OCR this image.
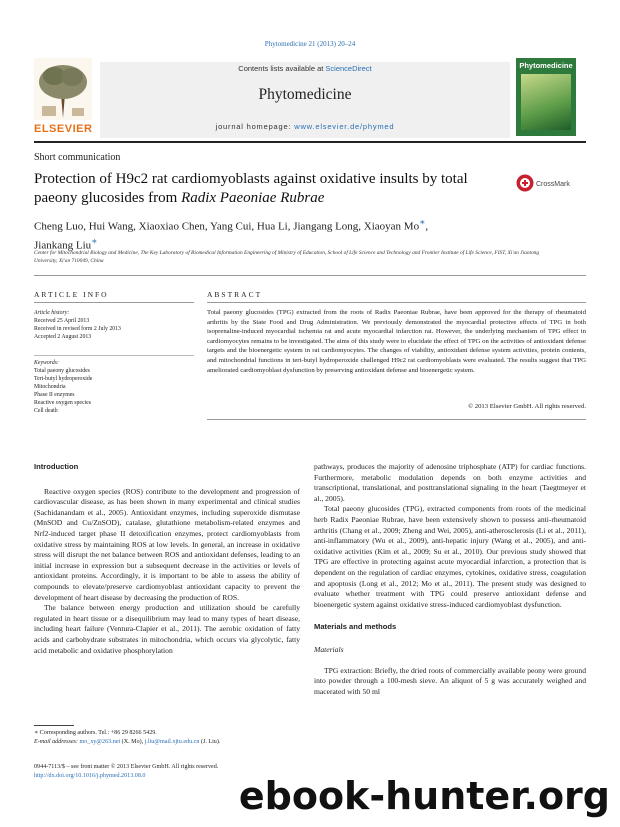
Phytomedicine 21 (2013) 20–24
ELSEVIER
Contents lists available at ScienceDirect
Phytomedicine
journal homepage: www.elsevier.de/phymed
Phytomedicine
Short communication
Protection of H9c2 rat cardiomyoblasts against oxidative insults by total paeony glucosides from Radix Paeoniae Rubrae
CrossMark
Cheng Luo, Hui Wang, Xiaoxiao Chen, Yang Cui, Hua Li, Jiangang Long, Xiaoyan Mo∗,
Jiankang Liu∗
Center for Mitochondrial Biology and Medicine, The Key Laboratory of Biomedical Information Engineering of Ministry of Education, School of Life Science and Technology and Frontier Institute of Life Science, FIST, Xi'an Jiaotong University, Xi'an 710049, China
ARTICLE INFO	ABSTRACT
Article history:
Received 25 April 2013
Received in revised form 2 July 2013
Accepted 2 August 2013
Keywords:
Total paeony glucosides
Tert-butyl hydroperoxide
Mitochondria
Phase II enzymes
Reactive oxygen species
Cell death
Total paeony glucosides (TPG) extracted from the roots of Radix Paeoniae Rubrae, have been approved for the therapy of rheumatoid arthritis by the State Food and Drug Administration. We previously demonstrated the myocardial protective effects of TPG in both isoprenaline-induced myocardial ischemia rat and acute myocardial infarction rat. However, the underlying mechanism of TPG effect in cardiomyocytes remains to be investigated. The aims of this study were to elucidate the effect of TPG on the activities of antioxidant defense targets and the bioenergetic system in rat cardiomyocytes. The changes of viability, antioxidant defense system activities, protein contents, and mitochondrial functions in tert-butyl hydroperoxide challenged H9c2 rat cardiomyoblasts were evaluated. The results suggest that TPG ameliorated cardiomyoblast dysfunction by preserving antioxidant defense and bioenergetic system.
© 2013 Elsevier GmbH. All rights reserved.

Introduction

Reactive oxygen species (ROS) contribute to the development and progression of cardiovascular disease, as has been shown in many experimental and clinical studies (Sachidanandam et al., 2005). Antioxidant enzymes, including superoxide dismutase (MnSOD and Cu/ZnSOD), catalase, glutathione metabolism-related enzymes and Nrf2-induced target phase II detoxification enzymes, protect cardiomyoblasts from oxidative stress by maintaining ROS at low levels. In general, an increase in oxidative stress will disrupt the net balance between ROS and antioxidant defenses, leading to an initial increase in expression but a subsequent decrease in the activities or levels of antioxidant proteins. Accordingly, it is important to be able to assess the ability of compounds to elevate/preserve cardiomyoblast antioxidant capacity to prevent the development of heart disease by decreasing the production of ROS.

The balance between energy production and utilization should be carefully regulated in heart tissue or a disequilibrium may lead to many types of heart disease, including heart failure (Ventura-Clapier et al., 2011). The aerobic oxidation of fatty acids and carbohydrate substrates in mitochondria, which occurs via glycolytic, fatty acid metabolic and oxidative phosphorylation

pathways, produces the majority of adenosine triphosphate (ATP) for cardiac functions. Furthermore, metabolic modulation depends on both enzyme activities and transcriptional, translational, and posttranslational signaling in the heart (Taegtmeyer et al., 2005).

Total paeony glucosides (TPG), extracted components from roots of the medicinal herb Radix Paeoniae Rubrae, have been extensively shown to possess anti-rheumatoid arthritis (Chang et al., 2009; Zheng and Wei, 2005), anti-atherosclerosis (Li et al., 2011), anti-inflammatory (Wu et al., 2009), anti-hepatic injury (Wang et al., 2005), and anti-oxidative activities (Kim et al., 2009; Su et al., 2010). Our previous study showed that TPG are effective in protecting against acute myocardial infarction, a protection that is dependent on the regulation of cardiac enzymes, cytokines, oxidative stress, coagulation and apoptosis (Long et al., 2012; Mo et al., 2011). The present study was designed to evaluate whether treatment with TPG could preserve antioxidant defense and bioenergetic system against oxidative stress-induced cardiomyoblast dysfunction.

Materials and methods

Materials

TPG extraction: Briefly, the dried roots of commercially available peony were ground into powder through a 100-mesh sieve. An aliquot of 5 g was accurately weighed and macerated with 50 ml

∗ Corresponding authors. Tel.: +86 29 8266 5429.
E-mail addresses: mo_xy@263.net (X. Mo), j.liu@mail.xjtu.edu.cn (J. Liu).
0944-7113/$ – see front matter © 2013 Elsevier GmbH. All rights reserved.
http://dx.doi.org/10.1016/j.phymed.2013.08.0	ebook-hunter.org
